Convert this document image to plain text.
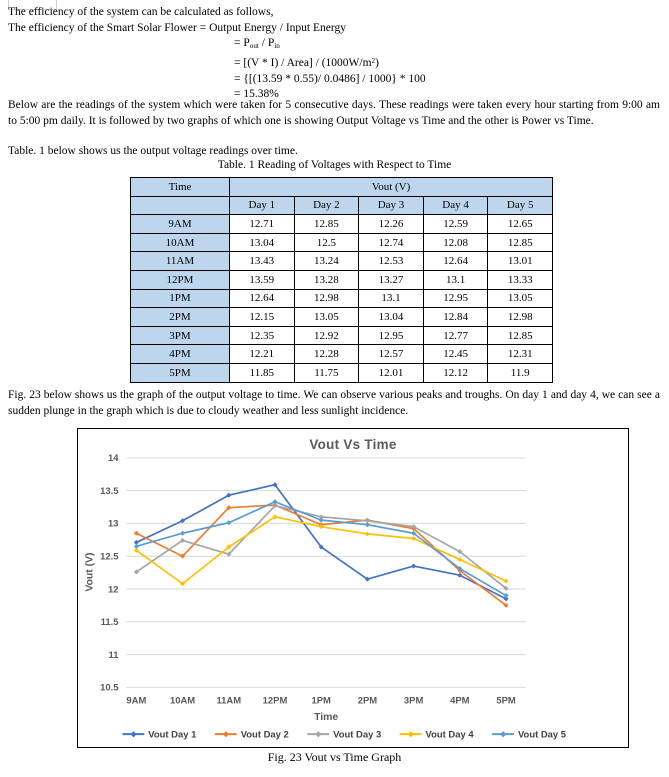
The efficiency of the system can be calculated as follows,
The efficiency of the Smart Solar Flower = Output Energy / Input Energy
= $P_{out} / P_{in}$
= [(V * I) / Area] / $(1000W/m^2)$
= {[(13.59 * 0.55)/ 0.0486] / 1000} * 100
= 15.38%
Below are the readings of the system which were taken for 5 consecutive days. These readings were taken every hour starting from 9:00 am to 5:00 pm daily. It is followed by two graphs of which one is showing Output Voltage vs Time and the other is Power vs Time.
Table. 1 below shows us the output voltage readings over time.
Table. 1 Reading of Voltages with Respect to Time
Time	Vout (V)				
	Day 1	Day 2	Day 3	Day 4	Day 5
9AM	12.71	12.85	12.26	12.59	12.65
10AM	13.04	12.5	12.74	12.08	12.85
11AM	13.43	13.24	12.53	12.64	13.01
12PM	13.59	13.28	13.27	13.1	13.33
1PM	12.64	12.98	13.1	12.95	13.05
2PM	12.15	13.05	13.04	12.84	12.98
3PM	12.35	12.92	12.95	12.77	12.85
4PM	12.21	12.28	12.57	12.45	12.31
5PM	11.85	11.75	12.01	12.12	11.9
Fig. 23 below shows us the graph of the output voltage to time. We can observe various peaks and troughs. On day 1 and day 4, we can see a sudden plunge in the graph which is due to cloudy weather and less sunlight incidence.
Vout Vs Time
10.5
11
11.5
12
12.5
13
13.5
14
9AM 10AM 11AM 12PM	1PM	2PM	3PM	4PM	5PM
Time
Vout (V)
Vout Day 1	Vout Day 2	Vout Day 3	Vout Day 4	Vout Day 5
Fig. 23 Vout vs Time Graph
